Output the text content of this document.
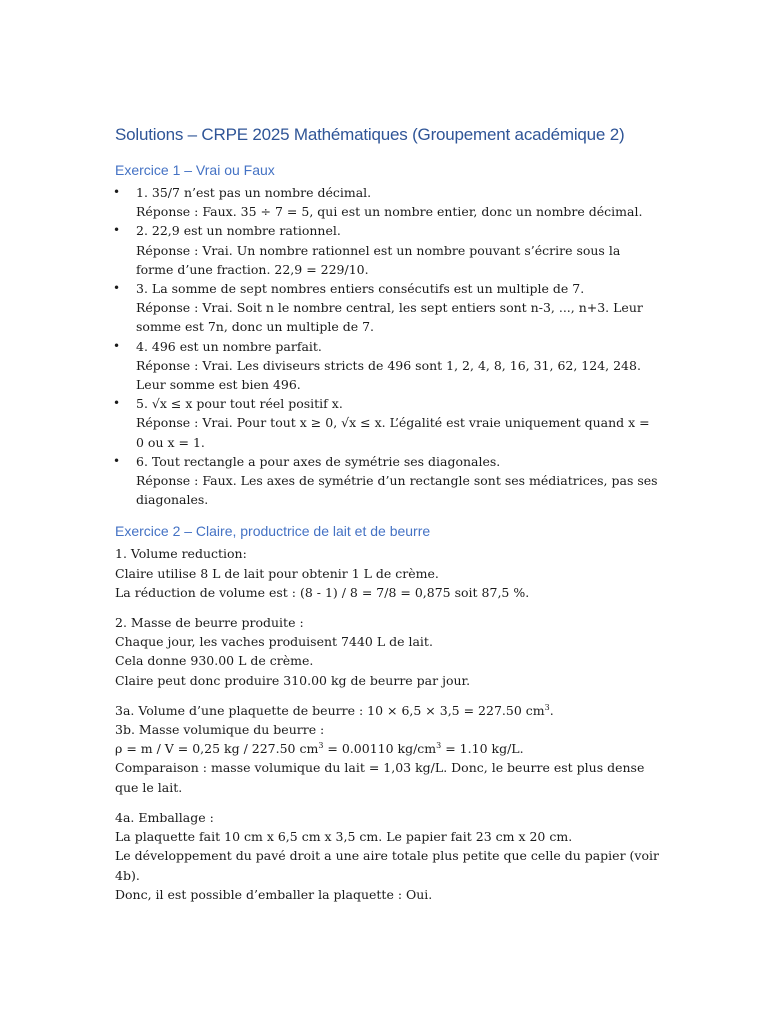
Solutions – CRPE 2025 Mathématiques (Groupement académique 2)
Exercice 1 – Vrai ou Faux
• 1. 35/7 n’est pas un nombre décimal.
Réponse : Faux. 35 ÷ 7 = 5, qui est un nombre entier, donc un nombre décimal.
• 2. 22,9 est un nombre rationnel.
Réponse : Vrai. Un nombre rationnel est un nombre pouvant s’écrire sous la forme d’une fraction. 22,9 = 229/10.
• 3. La somme de sept nombres entiers consécutifs est un multiple de 7.
Réponse : Vrai. Soit n le nombre central, les sept entiers sont n-3, ..., n+3. Leur somme est 7n, donc un multiple de 7.
• 4. 496 est un nombre parfait.
Réponse : Vrai. Les diviseurs stricts de 496 sont 1, 2, 4, 8, 16, 31, 62, 124, 248. Leur somme est bien 496.
• 5. √x ≤ x pour tout réel positif x.
Réponse : Vrai. Pour tout x ≥ 0, √x ≤ x. L’égalité est vraie uniquement quand x = 0 ou x = 1.
• 6. Tout rectangle a pour axes de symétrie ses diagonales.
Réponse : Faux. Les axes de symétrie d’un rectangle sont ses médiatrices, pas ses diagonales.
Exercice 2 – Claire, productrice de lait et de beurre
1. Volume reduction:
Claire utilise 8 L de lait pour obtenir 1 L de crème.
La réduction de volume est : (8 - 1) / 8 = 7/8 = 0,875 soit 87,5 %.
2. Masse de beurre produite :
Chaque jour, les vaches produisent 7440 L de lait.
Cela donne 930.00 L de crème.
Claire peut donc produire 310.00 kg de beurre par jour.
3a. Volume d’une plaquette de beurre : 10 × 6,5 × 3,5 = 227.50 $cm^3$.
3b. Masse volumique du beurre :
ρ = m / V = 0,25 kg / 227.50 $cm^3 = 0.00110$ $kg/cm^3 = 1.10$ kg/L.
Comparaison : masse volumique du lait = 1,03 kg/L. Donc, le beurre est plus dense que le lait.
4a. Emballage :
La plaquette fait 10 cm x 6,5 cm x 3,5 cm. Le papier fait 23 cm x 20 cm.
Le développement du pavé droit a une aire totale plus petite que celle du papier (voir 4b).
Donc, il est possible d’emballer la plaquette : Oui.
